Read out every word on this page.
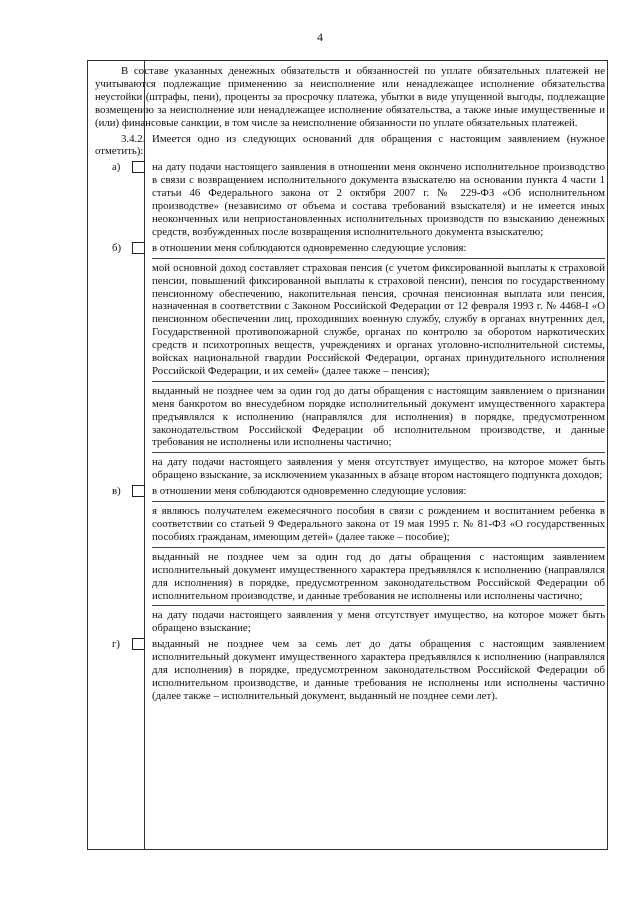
4

В составе указанных денежных обязательств и обязанностей по уплате обязательных платежей не учитываются подлежащие применению за неисполнение или ненадлежащее исполнение обязательства неустойки (штрафы, пени), проценты за просрочку платежа, убытки в виде упущенной выгоды, подлежащие возмещению за неисполнение или ненадлежащее исполнение обязательства, а также иные имущественные и (или) финансовые санкции, в том числе за неисполнение обязанности по уплате обязательных платежей.

3.4.2. Имеется одно из следующих оснований для обращения с настоящим заявлением (нужное отметить):

а)	на дату подачи настоящего заявления в отношении меня окончено исполнительное производство в связи с возвращением исполнительного документа взыскателю на основании пункта 4 части 1 статьи 46 Федерального закона от 2 октября 2007 г. № 229-ФЗ «Об исполнительном производстве» (независимо от объема и состава требований взыскателя) и не имеется иных неоконченных или неприостановленных исполнительных производств по взысканию денежных средств, возбужденных после возвращения исполнительного документа взыскателю;

б)	в отношении меня соблюдаются одновременно следующие условия:

мой основной доход составляет страховая пенсия (с учетом фиксированной выплаты к страховой пенсии, повышений фиксированной выплаты к страховой пенсии), пенсия по государственному пенсионному обеспечению, накопительная пенсия, срочная пенсионная выплата или пенсия, назначенная в соответствии с Законом Российской Федерации от 12 февраля 1993 г. № 4468-I «О пенсионном обеспечении лиц, проходивших военную службу, службу в органах внутренних дел, Государственной противопожарной службе, органах по контролю за оборотом наркотических средств и психотропных веществ, учреждениях и органах уголовно-исполнительной системы, войсках национальной гвардии Российской Федерации, органах принудительного исполнения Российской Федерации, и их семей» (далее также – пенсия);

выданный не позднее чем за один год до даты обращения с настоящим заявлением о признании меня банкротом во внесудебном порядке исполнительный документ имущественного характера предъявлялся к исполнению (направлялся для исполнения) в порядке, предусмотренном законодательством Российской Федерации об исполнительном производстве, и данные требования не исполнены или исполнены частично;

на дату подачи настоящего заявления у меня отсутствует имущество, на которое может быть обращено взыскание, за исключением указанных в абзаце втором настоящего подпункта доходов;

в)	в отношении меня соблюдаются одновременно следующие условия:

я являюсь получателем ежемесячного пособия в связи с рождением и воспитанием ребенка в соответствии со статьей 9 Федерального закона от 19 мая 1995 г. № 81-ФЗ «О государственных пособиях гражданам, имеющим детей» (далее также – пособие);

выданный не позднее чем за один год до даты обращения с настоящим заявлением исполнительный документ имущественного характера предъявлялся к исполнению (направлялся для исполнения) в порядке, предусмотренном законодательством Российской Федерации об исполнительном производстве, и данные требования не исполнены или исполнены частично;

на дату подачи настоящего заявления у меня отсутствует имущество, на которое может быть обращено взыскание;

г)	выданный не позднее чем за семь лет до даты обращения с настоящим заявлением исполнительный документ имущественного характера предъявлялся к исполнению (направлялся для исполнения) в порядке, предусмотренном законодательством Российской Федерации об исполнительном производстве, и данные требования не исполнены или исполнены частично (далее также – исполнительный документ, выданный не позднее семи лет).
